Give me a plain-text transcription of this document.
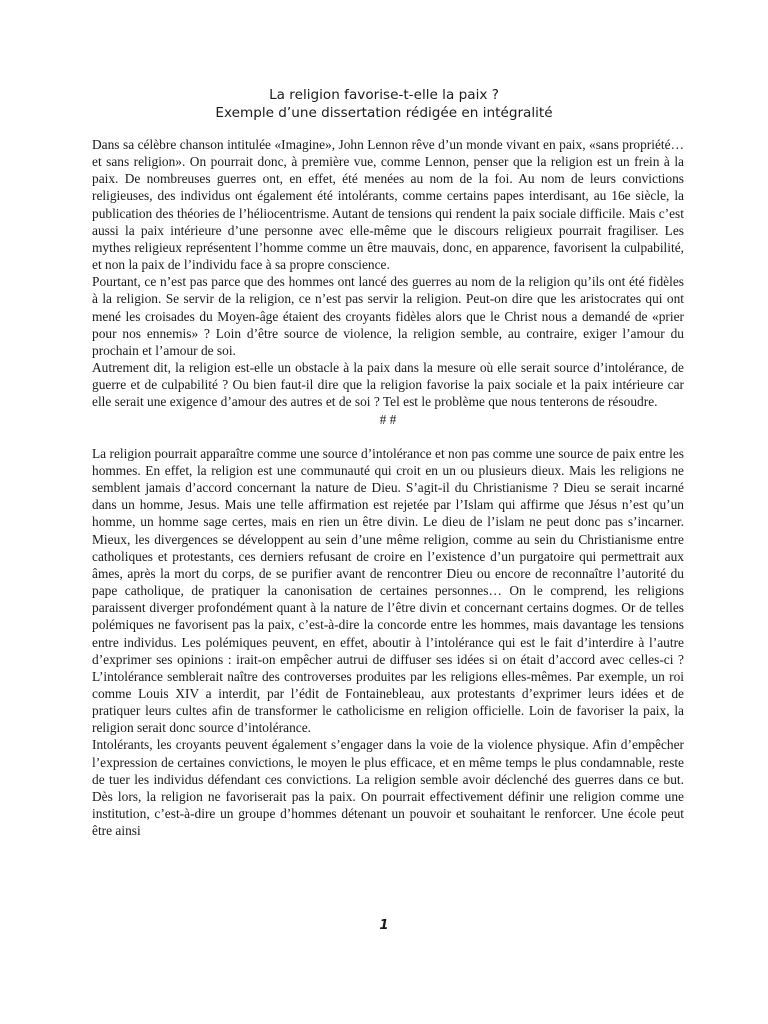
La religion favorise-t-elle la paix ?
Exemple d’une dissertation rédigée en intégralité

Dans sa célèbre chanson intitulée «Imagine», John Lennon rêve d’un monde vivant en paix, «sans propriété… et sans religion». On pourrait donc, à première vue, comme Lennon, penser que la religion est un frein à la paix. De nombreuses guerres ont, en effet, été menées au nom de la foi. Au nom de leurs convictions religieuses, des individus ont également été intolérants, comme certains papes interdisant, au 16e siècle, la publication des théories de l’héliocentrisme. Autant de tensions qui rendent la paix sociale difficile. Mais c’est aussi la paix intérieure d’une personne avec elle-même que le discours religieux pourrait fragiliser. Les mythes religieux représentent l’homme comme un être mauvais, donc, en apparence, favorisent la culpabilité, et non la paix de l’individu face à sa propre conscience.

Pourtant, ce n’est pas parce que des hommes ont lancé des guerres au nom de la religion qu’ils ont été fidèles à la religion. Se servir de la religion, ce n’est pas servir la religion. Peut-on dire que les aristocrates qui ont mené les croisades du Moyen-âge étaient des croyants fidèles alors que le Christ nous a demandé de «prier pour nos ennemis» ? Loin d’être source de violence, la religion semble, au contraire, exiger l’amour du prochain et l’amour de soi.

Autrement dit, la religion est-elle un obstacle à la paix dans la mesure où elle serait source d’intolérance, de guerre et de culpabilité ? Ou bien faut-il dire que la religion favorise la paix sociale et la paix intérieure car elle serait une exigence d’amour des autres et de soi ? Tel est le problème que nous tenterons de résoudre.

# #

La religion pourrait apparaître comme une source d’intolérance et non pas comme une source de paix entre les hommes. En effet, la religion est une communauté qui croit en un ou plusieurs dieux. Mais les religions ne semblent jamais d’accord concernant la nature de Dieu. S’agit-il du Christianisme ? Dieu se serait incarné dans un homme, Jesus. Mais une telle affirmation est rejetée par l’Islam qui affirme que Jésus n’est qu’un homme, un homme sage certes, mais en rien un être divin. Le dieu de l’islam ne peut donc pas s’incarner. Mieux, les divergences se développent au sein d’une même religion, comme au sein du Christianisme entre catholiques et protestants, ces derniers refusant de croire en l’existence d’un purgatoire qui permettrait aux âmes, après la mort du corps, de se purifier avant de rencontrer Dieu ou encore de reconnaître l’autorité du pape catholique, de pratiquer la canonisation de certaines personnes… On le comprend, les religions paraissent diverger profondément quant à la nature de l’être divin et concernant certains dogmes. Or de telles polémiques ne favorisent pas la paix, c’est-à-dire la concorde entre les hommes, mais davantage les tensions entre individus. Les polémiques peuvent, en effet, aboutir à l’intolérance qui est le fait d’interdire à l’autre d’exprimer ses opinions : irait-on empêcher autrui de diffuser ses idées si on était d’accord avec celles-ci ? L’intolérance semblerait naître des controverses produites par les religions elles-mêmes. Par exemple, un roi comme Louis XIV a interdit, par l’édit de Fontainebleau, aux protestants d’exprimer leurs idées et de pratiquer leurs cultes afin de transformer le catholicisme en religion officielle. Loin de favoriser la paix, la religion serait donc source d’intolérance.

Intolérants, les croyants peuvent également s’engager dans la voie de la violence physique. Afin d’empêcher l’expression de certaines convictions, le moyen le plus efficace, et en même temps le plus condamnable, reste de tuer les individus défendant ces convictions. La religion semble avoir déclenché des guerres dans ce but. Dès lors, la religion ne favoriserait pas la paix. On pourrait effectivement définir une religion comme une institution, c’est-à-dire un groupe d’hommes détenant un pouvoir et souhaitant le renforcer. Une école peut être ainsi

1
